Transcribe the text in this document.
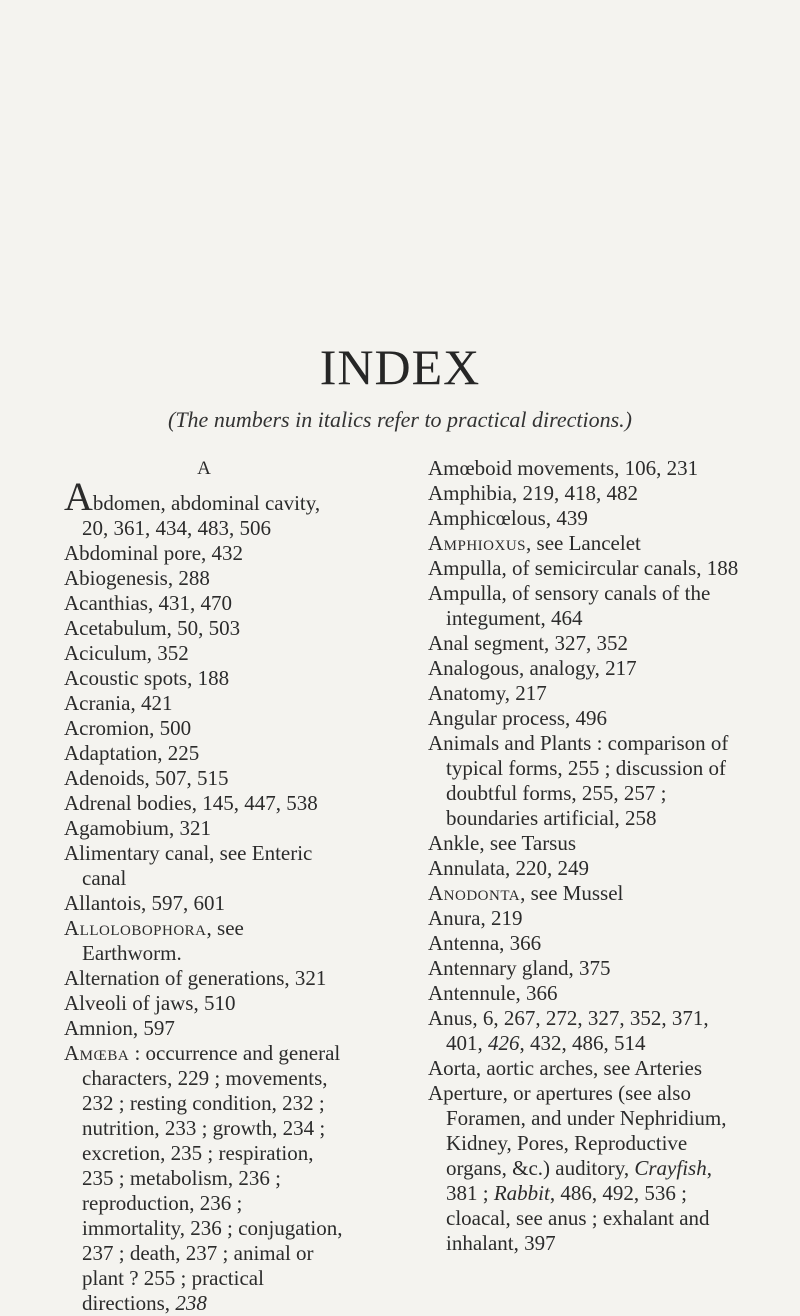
INDEX
(The numbers in italics refer to practical directions.)
A

Abdomen, abdominal cavity, 20, 361, 434, 483, 506

Abdominal pore, 432

Abiogenesis, 288

Acanthias, 431, 470

Acetabulum, 50, 503

Aciculum, 352

Acoustic spots, 188

Acrania, 421

Acromion, 500

Adaptation, 225

Adenoids, 507, 515

Adrenal bodies, 145, 447, 538

Agamobium, 321

Alimentary canal, see Enteric canal

Allantois, 597, 601

Allolobophora, see Earthworm.

Alternation of generations, 321

Alveoli of jaws, 510

Amnion, 597

Amœba : occurrence and general characters, 229 ; movements, 232 ; resting condition, 232 ; nutrition, 233 ; growth, 234 ; excretion, 235 ; respiration, 235 ; metabolism, 236 ; reproduction, 236 ; immortality, 236 ; conjugation, 237 ; death, 237 ; animal or plant ? 255 ; practical directions, 238

Amœboid movements, 106, 231

Amphibia, 219, 418, 482

Amphicœlous, 439

Amphioxus, see Lancelet

Ampulla, of semicircular canals, 188

Ampulla, of sensory canals of the integument, 464

Anal segment, 327, 352

Analogous, analogy, 217

Anatomy, 217

Angular process, 496

Animals and Plants : comparison of typical forms, 255 ; discussion of doubtful forms, 255, 257 ; boundaries artificial, 258

Ankle, see Tarsus

Annulata, 220, 249

Anodonta, see Mussel

Anura, 219

Antenna, 366

Antennary gland, 375

Antennule, 366

Anus, 6, 267, 272, 327, 352, 371, 401, 426, 432, 486, 514

Aorta, aortic arches, see Arteries

Aperture, or apertures (see also Foramen, and under Nephridium, Kidney, Pores, Reproductive organs, &c.) auditory, Crayfish, 381 ; Rabbit, 486, 492, 536 ; cloacal, see anus ; exhalant and inhalant, 397
